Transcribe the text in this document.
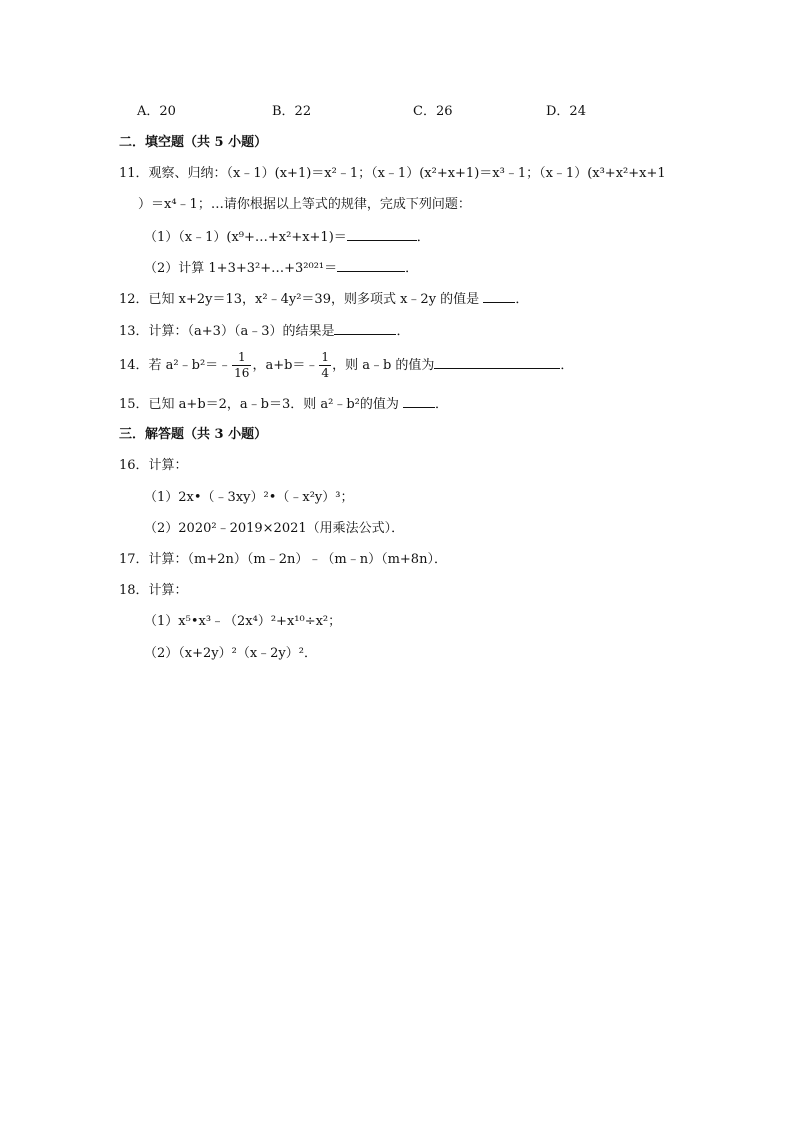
A．20	B．22	C．26	D．24
二．填空题（共 5 小题）
11．观察、归纳：（x﹣1）(x+1)＝x²﹣1；（x﹣1）(x²+x+1)＝x³﹣1；（x﹣1）(x³+x²+x+1
）＝x⁴﹣1；…请你根据以上等式的规律，完成下列问题：
（1）（x﹣1）(x⁹+…+x²+x+1)＝	．
（2）计算 1+3+3²+…+3²⁰²¹＝	．
12．已知 x+2y＝13，x²﹣4y²＝39，则多项式 x﹣2y 的值是 ．
13．计算：（a+3）（a﹣3）的结果是	．
14．若 a²﹣b²＝﹣ $\frac{1}{16}$ ，a+b＝﹣ $\frac{1}{4}$ ，则 a﹣b 的值为	．
15．已知 a+b＝2，a﹣b＝3．则 a²﹣b²的值为 ．
三．解答题（共 3 小题）
16．计算：
（1）2x•（﹣3xy）²•（﹣x²y）³；
（2）2020²﹣2019×2021（用乘法公式）．
17．计算：（m+2n）（m﹣2n）﹣（m﹣n）（m+8n）．
18．计算：
（1）x⁵•x³﹣（2x⁴）²+x¹⁰÷x²；
（2）（x+2y）²（x﹣2y）²．
